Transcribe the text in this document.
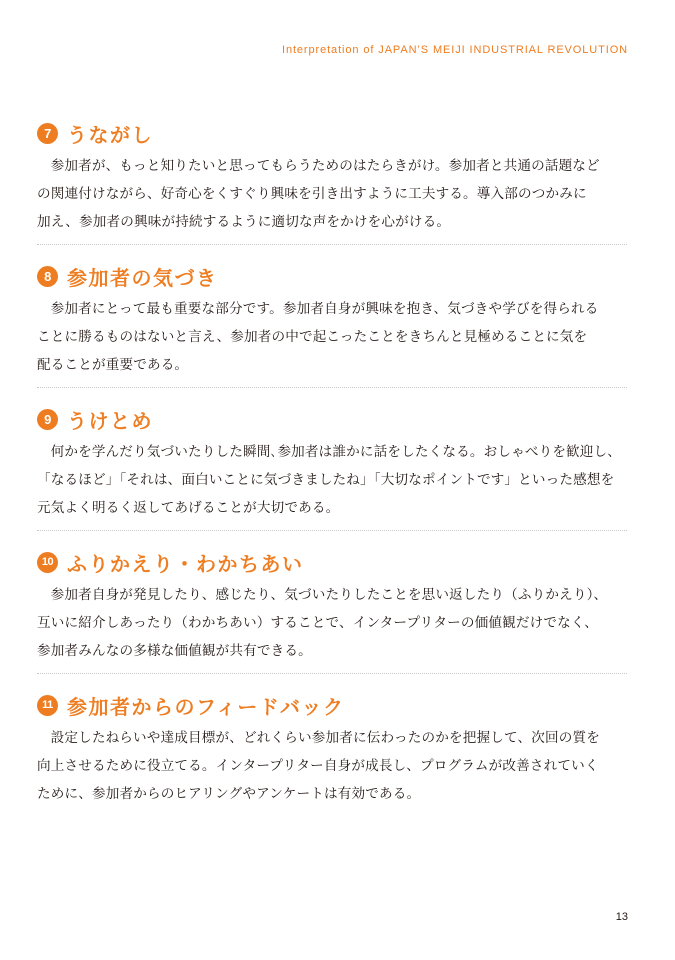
Interpretation of JAPAN’S MEIJI INDUSTRIAL REVOLUTION
7 うながし

参加者が、もっと知りたいと思ってもらうためのはたらきがけ。参加者と共通の話題など
の関連付けながら、好奇心をくすぐり興味を引き出すように工夫する。導入部のつかみに
加え、参加者の興味が持続するように適切な声をかけを心がける。

8 参加者の気づき

参加者にとって最も重要な部分です。参加者自身が興味を抱き、気づきや学びを得られる
ことに勝るものはないと言え、参加者の中で起こったことをきちんと見極めることに気を
配ることが重要である。

9 うけとめ

何かを学んだり気づいたりした瞬間､参加者は誰かに話をしたくなる。おしゃべりを歓迎し、
「なるほど」「それは、面白いことに気づきましたね」「大切なポイントです」といった感想を
元気よく明るく返してあげることが大切である。

10 ふりかえり・わかちあい

参加者自身が発見したり、感じたり、気づいたりしたことを思い返したり（ふりかえり）、
互いに紹介しあったり（わかちあい）することで、インタープリターの価値観だけでなく、
参加者みんなの多様な価値観が共有できる。

11 参加者からのフィードバック

設定したねらいや達成目標が、どれくらい参加者に伝わったのかを把握して、次回の質を
向上させるために役立てる。インタープリター自身が成長し、プログラムが改善されていく
ために、参加者からのヒアリングやアンケートは有効である。

13
